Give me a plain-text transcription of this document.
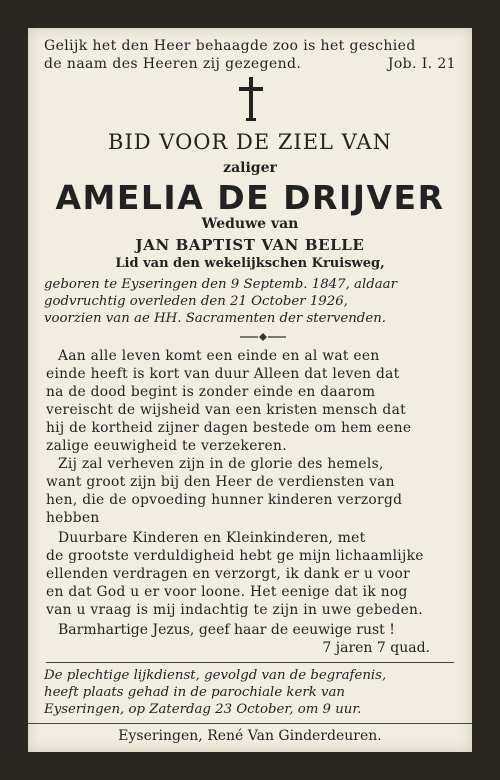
Gelijk het den Heer behaagde zoo is het geschied
de naam des Heeren zij gezegend.	Job. I. 21
BID VOOR DE ZIEL VAN
zaliger
AMELIA DE DRIJVER
Weduwe van
JAN BAPTIST VAN BELLE
Lid van den wekelijkschen Kruisweg,
geboren te Eyseringen den 9 Septemb. 1847, aldaar
godvruchtig overleden den 21 October 1926,
voorzien van ae HH. Sacramenten der stervenden.
Aan alle leven komt een einde en al wat een
einde heeft is kort van duur Alleen dat leven dat
na de dood begint is zonder einde en daarom
vereischt de wijsheid van een kristen mensch dat
hij de kortheid zijner dagen bestede om hem eene
zalige eeuwigheid te verzekeren.
Zij zal verheven zijn in de glorie des hemels,
want groot zijn bij den Heer de verdiensten van
hen, die de opvoeding hunner kinderen verzorgd
hebben
Duurbare Kinderen en Kleinkinderen, met
de grootste verduldigheid hebt ge mijn lichaamlijke
ellenden verdragen en verzorgt, ik dank er u voor
en dat God u er voor loone. Het eenige dat ik nog
van u vraag is mij indachtig te zijn in uwe gebeden.
Barmhartige Jezus, geef haar de eeuwige rust !
7 jaren 7 quad.
De plechtige lijkdienst, gevolgd van de begrafenis,
heeft plaats gehad in de parochiale kerk van
Eyseringen, op Zaterdag 23 October, om 9 uur.
Eyseringen, René Van Ginderdeuren.
